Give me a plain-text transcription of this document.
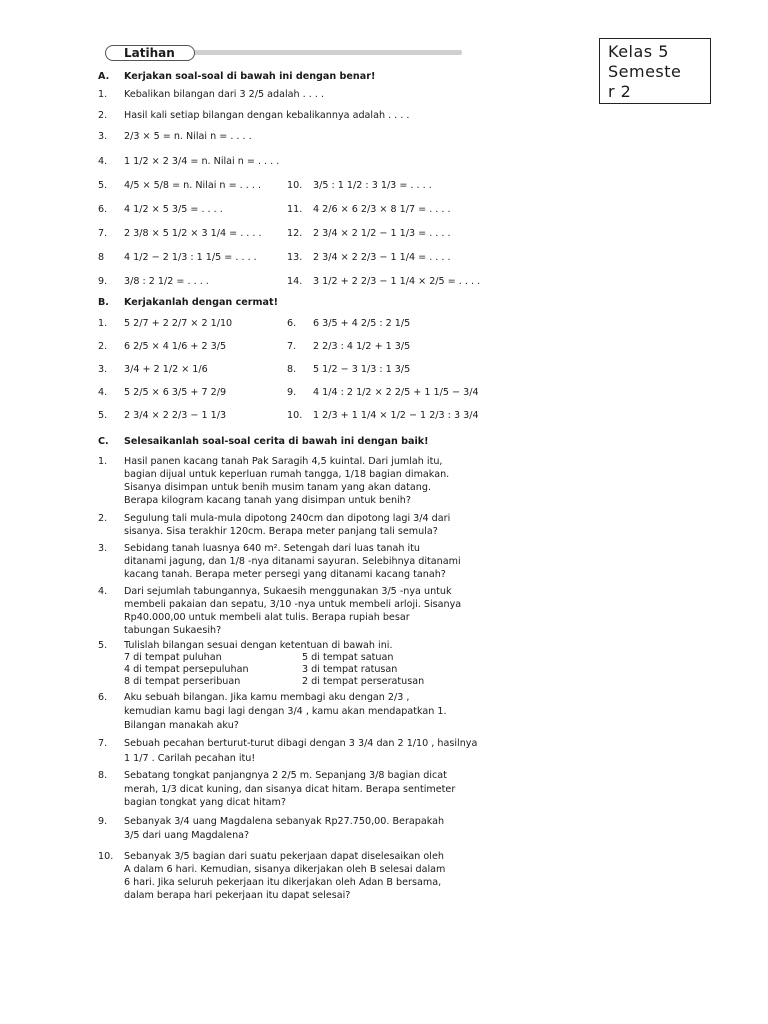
Latihan	Kelas 5
Semeste
r 2
A. Kerjakan soal-soal di bawah ini dengan benar!
1. Kebalikan bilangan dari 3 2/5 adalah . . . .
2. Hasil kali setiap bilangan dengan kebalikannya adalah . . . .
3. 2/3 × 5 = n. Nilai n = . . . .
4. 1 1/2 × 2 3/4 = n. Nilai n = . . . .
5. 4/5 × 5/8 = n. Nilai n = . . . .	10. 3/5 : 1 1/2 : 3 1/3 = . . . .
6. 4 1/2 × 5 3/5 = . . . .	11. 4 2/6 × 6 2/3 × 8 1/7 = . . . .
7. 2 3/8 × 5 1/2 × 3 1/4 = . . . .	12. 2 3/4 × 2 1/2 − 1 1/3 = . . . .
8 4 1/2 − 2 1/3 : 1 1/5 = . . . .	13. 2 3/4 × 2 2/3 − 1 1/4 = . . . .
9. 3/8 : 2 1/2 = . . . .	14. 3 1/2 + 2 2/3 − 1 1/4 × 2/5 = . . . .
B. Kerjakanlah dengan cermat!
1. 5 2/7 + 2 2/7 × 2 1/10	6. 6 3/5 + 4 2/5 : 2 1/5
2. 6 2/5 × 4 1/6 + 2 3/5	7. 2 2/3 : 4 1/2 + 1 3/5
3. 3/4 + 2 1/2 × 1/6	8. 5 1/2 − 3 1/3 : 1 3/5
4. 5 2/5 × 6 3/5 + 7 2/9	9. 4 1/4 : 2 1/2 × 2 2/5 + 1 1/5 − 3/4
5. 2 3/4 × 2 2/3 − 1 1/3	10. 1 2/3 + 1 1/4 × 1/2 − 1 2/3 : 3 3/4
C. Selesaikanlah soal-soal cerita di bawah ini dengan baik!
1. Hasil panen kacang tanah Pak Saragih 4,5 kuintal. Dari jumlah itu,
bagian dijual untuk keperluan rumah tangga, 1/18 bagian dimakan.
Sisanya disimpan untuk benih musim tanam yang akan datang.
Berapa kilogram kacang tanah yang disimpan untuk benih?
2. Segulung tali mula-mula dipotong 240cm dan dipotong lagi 3/4 dari
sisanya. Sisa terakhir 120cm. Berapa meter panjang tali semula?
3. Sebidang tanah luasnya 640 m². Setengah dari luas tanah itu
ditanami jagung, dan 1/8 -nya ditanami sayuran. Selebihnya ditanami
kacang tanah. Berapa meter persegi yang ditanami kacang tanah?
4. Dari sejumlah tabungannya, Sukaesih menggunakan 3/5 -nya untuk
membeli pakaian dan sepatu, 3/10 -nya untuk membeli arloji. Sisanya
Rp40.000,00 untuk membeli alat tulis. Berapa rupiah besar
tabungan Sukaesih?
5. Tulislah bilangan sesuai dengan ketentuan di bawah ini.
7 di tempat puluhan	5 di tempat satuan
4 di tempat persepuluhan	3 di tempat ratusan
8 di tempat perseribuan	2 di tempat perseratusan
6. Aku sebuah bilangan. Jika kamu membagi aku dengan 2/3 ,
kemudian kamu bagi lagi dengan 3/4 , kamu akan mendapatkan 1.
Bilangan manakah aku?
7. Sebuah pecahan berturut-turut dibagi dengan 3 3/4 dan 2 1/10 , hasilnya
1 1/7 . Carilah pecahan itu!
8. Sebatang tongkat panjangnya 2 2/5 m. Sepanjang 3/8 bagian dicat
merah, 1/3 dicat kuning, dan sisanya dicat hitam. Berapa sentimeter
bagian tongkat yang dicat hitam?
9. Sebanyak 3/4 uang Magdalena sebanyak Rp27.750,00. Berapakah
3/5 dari uang Magdalena?
10. Sebanyak 3/5 bagian dari suatu pekerjaan dapat diselesaikan oleh
A dalam 6 hari. Kemudian, sisanya dikerjakan oleh B selesai dalam
6 hari. Jika seluruh pekerjaan itu dikerjakan oleh Adan B bersama,
dalam berapa hari pekerjaan itu dapat selesai?
